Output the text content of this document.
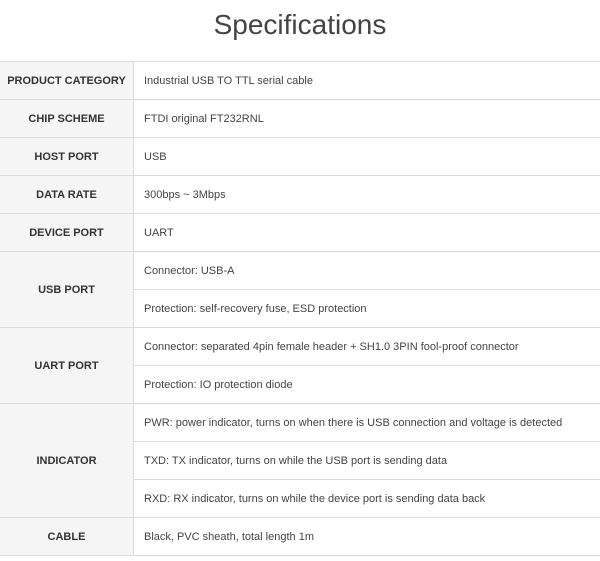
Specifications
PRODUCT CATEGORY	Industrial USB TO TTL serial cable
CHIP SCHEME	FTDI original FT232RNL
HOST PORT	USB
DATA RATE	300bps ~ 3Mbps
DEVICE PORT	UART
USB PORT	Connector: USB-A
	Protection: self-recovery fuse, ESD protection
UART PORT	Connector: separated 4pin female header + SH1.0 3PIN fool-proof connector
	Protection: IO protection diode
INDICATOR	PWR: power indicator, turns on when there is USB connection and voltage is detected
	TXD: TX indicator, turns on while the USB port is sending data
	RXD: RX indicator, turns on while the device port is sending data back
CABLE	Black, PVC sheath, total length 1m
